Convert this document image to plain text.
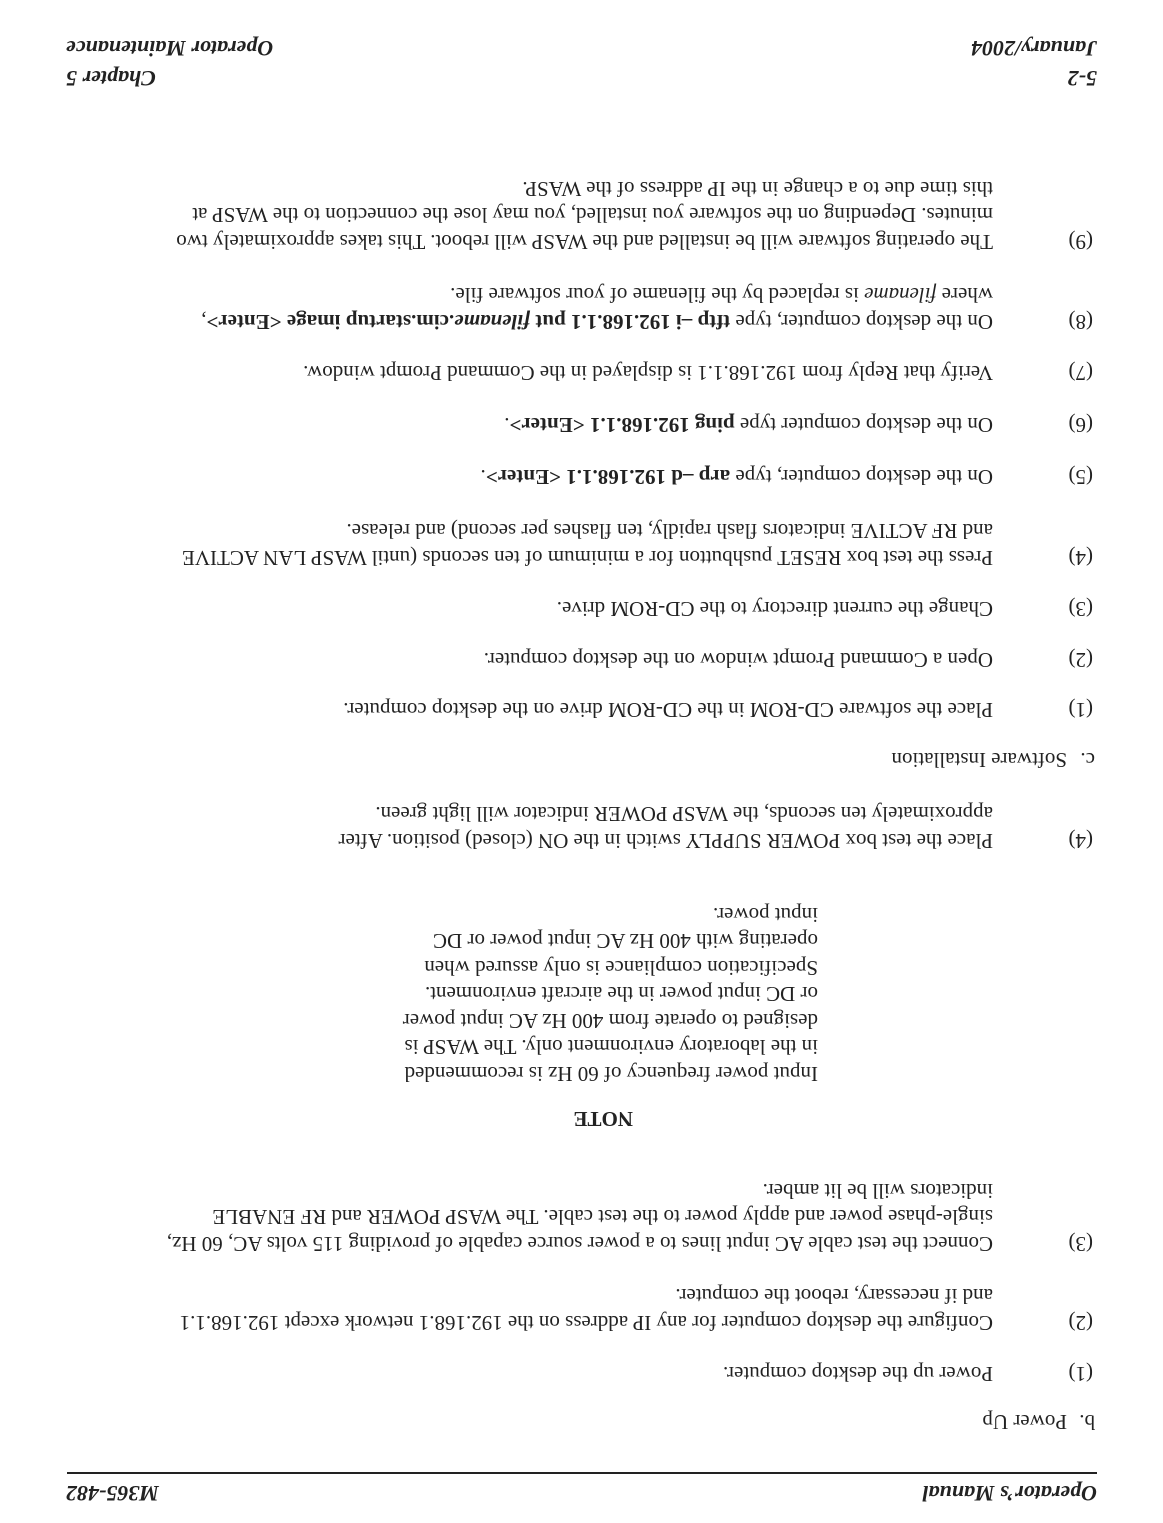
Operator’s Manual
M365-482
b.
Power Up
(1)
Power up the desktop computer.
(2)
Configure the desktop computer for any IP address on the 192.168.1 network except 192.168.1.1 and if necessary, reboot the computer.
(3)
Connect the test cable AC input lines to a power source capable of providing 115 volts AC, 60 Hz, single-phase power and apply power to the test cable. The WASP POWER and RF ENABLE indicators will be lit amber.
NOTE
Input power frequency of 60 Hz is recommended in the laboratory environment only. The WASP is designed to operate from 400 Hz AC input power or DC input power in the aircraft environment. Specification compliance is only assured when operating with 400 Hz AC input power or DC input power.
(4)
Place the test box POWER SUPPLY switch in the ON (closed) position. After approximately ten seconds, the WASP POWER indicator will light green.
c.
Software Installation
(1)
Place the software CD-ROM in the CD-ROM drive on the desktop computer.
(2)
Open a Command Prompt window on the desktop computer.
(3)
Change the current directory to the CD-ROM drive.
(4)
Press the test box RESET pushbutton for a minimum of ten seconds (until WASP LAN ACTIVE and RF ACTIVE indicators flash rapidly, ten flashes per second) and release.
(5)
On the desktop computer, type arp –d 192.168.1.1 <Enter>.
(6)
On the desktop computer type ping 192.168.1.1 <Enter>.
(7)
Verify that Reply from 192.168.1.1 is displayed in the Command Prompt window.
(8)
On the desktop computer, type tftp –i 192.168.1.1 put filename.cim.startup image <Enter>, where filename is replaced by the filename of your software file.
(9)
The operating software will be installed and the WASP will reboot. This takes approximately two minutes. Depending on the software you installed, you may lose the connection to the WASP at this time due to a change in the IP address of the WASP.
5-2
January/2004
Chapter 5
Operator Maintenance
